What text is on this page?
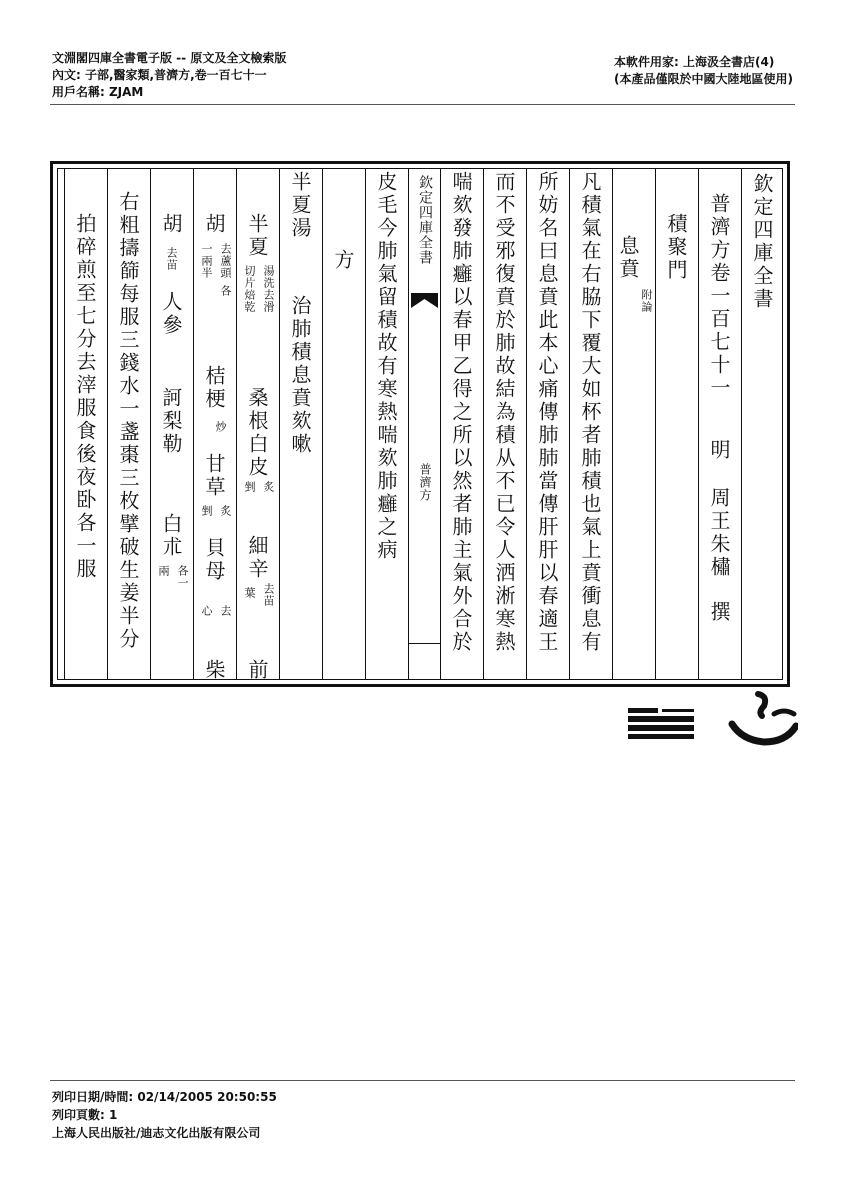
文淵閣四庫全書電子版 -- 原文及全文檢索版
內文: 子部,醫家類,普濟方,卷一百七十一
用戶名稱: ZJAM
本軟件用家: 上海汲全書店(4)
(本產品僅限於中國大陸地區使用)
欽定四庫全書
普濟方卷一百七十一
明
周王朱橚
撰
積聚門
息賁
附論
凡積氣在右脇下覆大如杯者肺積也氣上賁衝息有
所妨名曰息賁此本心痛傳肺肺當傳肝肝以春適王
而不受邪復賁於肺故結為積从不已令人洒淅寒熱
喘欬發肺癰以春甲乙得之所以然者肺主氣外合於
欽定四庫全書
普濟方
皮毛今肺氣留積故有寒熱喘欬肺癰之病
方
半夏湯
治肺積息賁欬嗽
半夏
湯洗去滑
切片焙乾
桑根白皮
炙
剉
細辛
去苗
葉
前
胡
去蘆頭
一兩半
各
桔梗
炒
甘草
炙
剉
貝母
去
心
柴
胡
去苗
人參
訶梨勒
白朮
各一
兩
右粗擣篩每服三錢水一盞棗三枚擘破生姜半分
拍碎煎至七分去滓服食後夜卧各一服
列印日期/時間: 02/14/2005 20:50:55
列印頁數: 1
上海人民出版社/迪志文化出版有限公司
